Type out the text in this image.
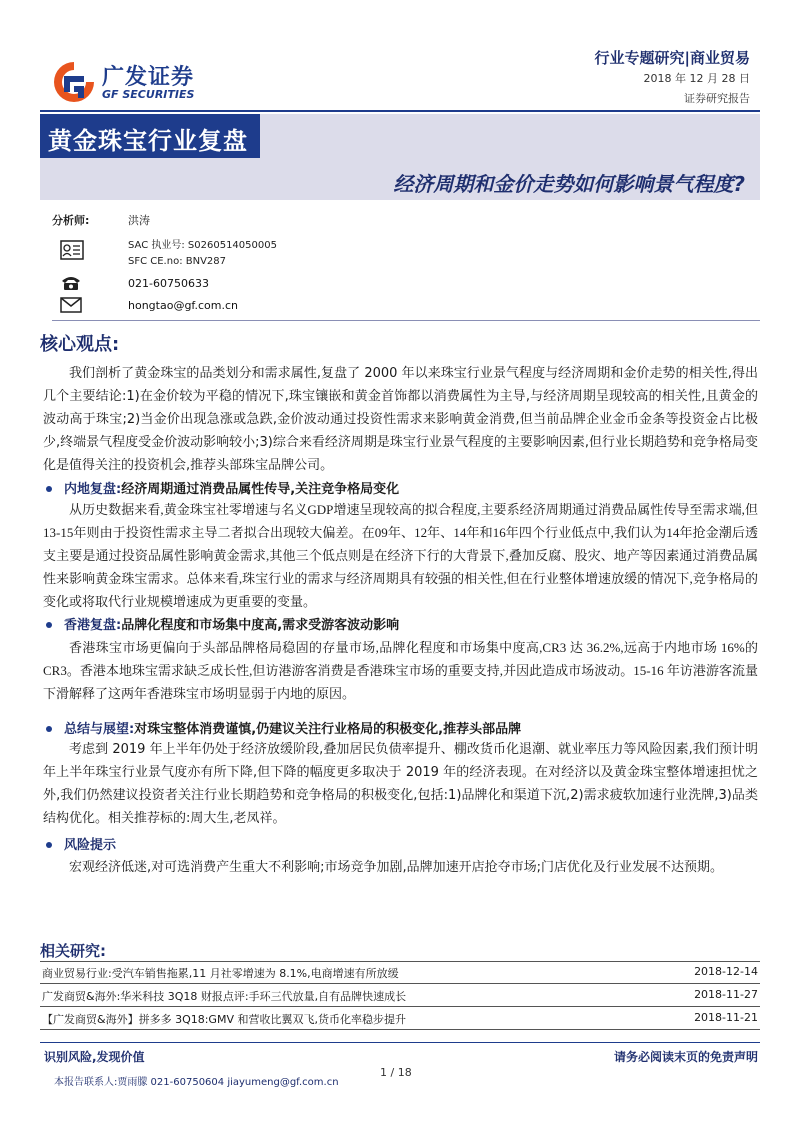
广发证券
GF SECURITIES
行业专题研究|商业贸易
2018 年 12 月 28 日
证券研究报告
黄金珠宝行业复盘
经济周期和金价走势如何影响景气程度?
分析师:	洪涛
SAC 执业号: S0260514050005
SFC CE.no: BNV287
021-60750633
hongtao@gf.com.cn
核心观点:
我们剖析了黄金珠宝的品类划分和需求属性,复盘了 2000 年以来珠宝行业景气程度与经济周期和金价走势的相关性,得出几个主要结论:1)在金价较为平稳的情况下,珠宝镶嵌和黄金首饰都以消费属性为主导,与经济周期呈现较高的相关性,且黄金的波动高于珠宝;2)当金价出现急涨或急跌,金价波动通过投资性需求来影响黄金消费,但当前品牌企业金币金条等投资金占比极少,终端景气程度受金价波动影响较小;3)综合来看经济周期是珠宝行业景气程度的主要影响因素,但行业长期趋势和竞争格局变化是值得关注的投资机会,推荐头部珠宝品牌公司。
内地复盘:经济周期通过消费品属性传导,关注竞争格局变化
从历史数据来看,黄金珠宝社零增速与名义GDP增速呈现较高的拟合程度,主要系经济周期通过消费品属性传导至需求端,但13-15年则由于投资性需求主导二者拟合出现较大偏差。在09年、12年、14年和16年四个行业低点中,我们认为14年抢金潮后透支主要是通过投资品属性影响黄金需求,其他三个低点则是在经济下行的大背景下,叠加反腐、股灾、地产等因素通过消费品属性来影响黄金珠宝需求。总体来看,珠宝行业的需求与经济周期具有较强的相关性,但在行业整体增速放缓的情况下,竞争格局的变化或将取代行业规模增速成为更重要的变量。
香港复盘:品牌化程度和市场集中度高,需求受游客波动影响
香港珠宝市场更偏向于头部品牌格局稳固的存量市场,品牌化程度和市场集中度高,CR3 达 36.2%,远高于内地市场 16%的 CR3。香港本地珠宝需求缺乏成长性,但访港游客消费是香港珠宝市场的重要支持,并因此造成市场波动。15-16 年访港游客流量下滑解释了这两年香港珠宝市场明显弱于内地的原因。
总结与展望:对珠宝整体消费谨慎,仍建议关注行业格局的积极变化,推荐头部品牌
考虑到 2019 年上半年仍处于经济放缓阶段,叠加居民负债率提升、棚改货币化退潮、就业率压力等风险因素,我们预计明年上半年珠宝行业景气度亦有所下降,但下降的幅度更多取决于 2019 年的经济表现。在对经济以及黄金珠宝整体增速担忧之外,我们仍然建议投资者关注行业长期趋势和竞争格局的积极变化,包括:1)品牌化和渠道下沉,2)需求疲软加速行业洗牌,3)品类结构优化。相关推荐标的:周大生,老凤祥。
风险提示
宏观经济低迷,对可选消费产生重大不利影响;市场竞争加剧,品牌加速开店抢夺市场;门店优化及行业发展不达预期。
相关研究:
商业贸易行业:受汽车销售拖累,11 月社零增速为 8.1%,电商增速有所放缓	2018-12-14
广发商贸&海外:华米科技 3Q18 财报点评:手环三代放量,自有品牌快速成长	2018-11-27
【广发商贸&海外】拼多多 3Q18:GMV 和营收比翼双飞,货币化率稳步提升	2018-11-21
识别风险,发现价值	请务必阅读末页的免责声明
1 / 18
本报告联系人:贾雨朦 021-60750604 jiayumeng@gf.com.cn
